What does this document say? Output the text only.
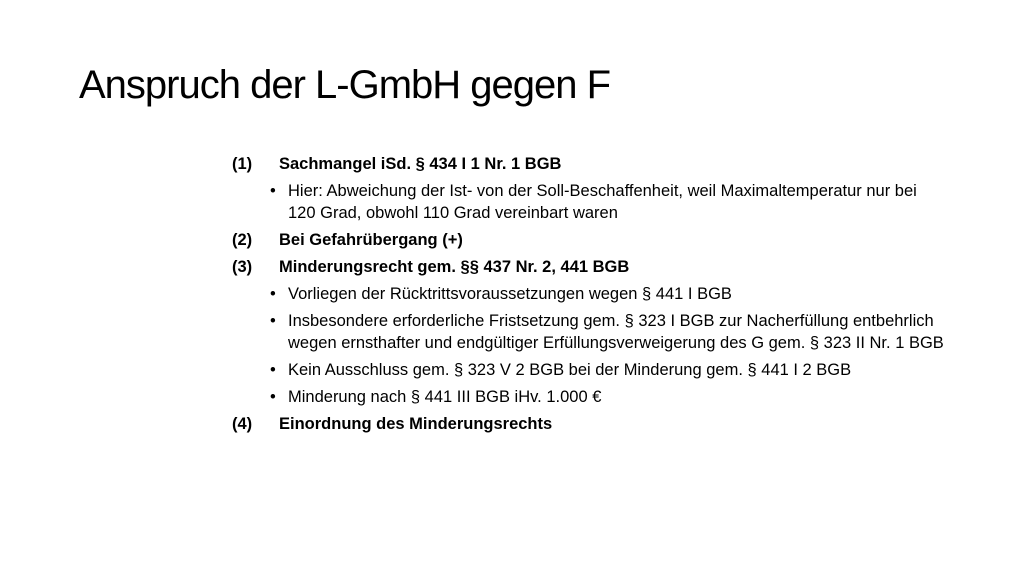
Anspruch der L-GmbH gegen F
(1)	Sachmangel iSd. § 434 I 1 Nr. 1 BGB
• Hier: Abweichung der Ist- von der Soll-Beschaffenheit, weil Maximaltemperatur nur bei 120 Grad, obwohl 110 Grad vereinbart waren
(2)	Bei Gefahrübergang (+)
(3)	Minderungsrecht gem. §§ 437 Nr. 2, 441 BGB
• Vorliegen der Rücktrittsvoraussetzungen wegen § 441 I BGB
• Insbesondere erforderliche Fristsetzung gem. § 323 I BGB zur Nacherfüllung entbehrlich wegen ernsthafter und endgültiger Erfüllungsverweigerung des G gem. § 323 II Nr. 1 BGB
• Kein Ausschluss gem. § 323 V 2 BGB bei der Minderung gem. § 441 I 2 BGB
• Minderung nach § 441 III BGB iHv. 1.000 €
(4)	Einordnung des Minderungsrechts
